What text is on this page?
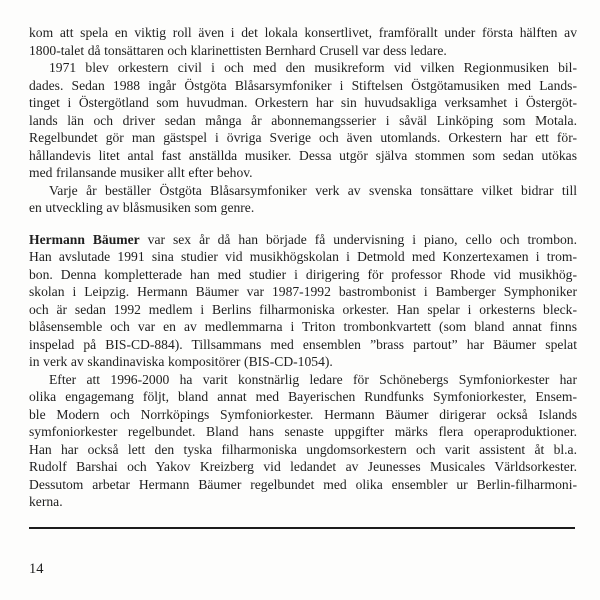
kom att spela en viktig roll även i det lokala konsertlivet, framförallt under första hälften av
1800-talet då tonsättaren och klarinettisten Bernhard Crusell var dess ledare.
1971 blev orkestern civil i och med den musikreform vid vilken Regionmusiken bil-
dades. Sedan 1988 ingår Östgöta Blåsarsymfoniker i Stiftelsen Östgötamusiken med Lands-
tinget i Östergötland som huvudman. Orkestern har sin huvudsakliga verksamhet i Östergöt-
lands län och driver sedan många år abonnemangsserier i såväl Linköping som Motala.
Regelbundet gör man gästspel i övriga Sverige och även utomlands. Orkestern har ett för-
hållandevis litet antal fast anställda musiker. Dessa utgör själva stommen som sedan utökas
med frilansande musiker allt efter behov.
Varje år beställer Östgöta Blåsarsymfoniker verk av svenska tonsättare vilket bidrar till
en utveckling av blåsmusiken som genre.
Hermann Bäumer var sex år då han började få undervisning i piano, cello och trombon.
Han avslutade 1991 sina studier vid musikhögskolan i Detmold med Konzertexamen i trom-
bon. Denna kompletterade han med studier i dirigering för professor Rhode vid musikhög-
skolan i Leipzig. Hermann Bäumer var 1987-1992 bastrombonist i Bamberger Symphoniker
och är sedan 1992 medlem i Berlins filharmoniska orkester. Han spelar i orkesterns bleck-
blåsensemble och var en av medlemmarna i Triton trombonkvartett (som bland annat finns
inspelad på BIS-CD-884). Tillsammans med ensemblen ”brass partout” har Bäumer spelat
in verk av skandinaviska kompositörer (BIS-CD-1054).
Efter att 1996-2000 ha varit konstnärlig ledare för Schönebergs Symfoniorkester har
olika engagemang följt, bland annat med Bayerischen Rundfunks Symfoniorkester, Ensem-
ble Modern och Norrköpings Symfoniorkester. Hermann Bäumer dirigerar också Islands
symfoniorkester regelbundet. Bland hans senaste uppgifter märks flera operaproduktioner.
Han har också lett den tyska filharmoniska ungdomsorkestern och varit assistent åt bl.a.
Rudolf Barshai och Yakov Kreizberg vid ledandet av Jeunesses Musicales Världsorkester.
Dessutom arbetar Hermann Bäumer regelbundet med olika ensembler ur Berlin-filharmoni-
kerna.
14
